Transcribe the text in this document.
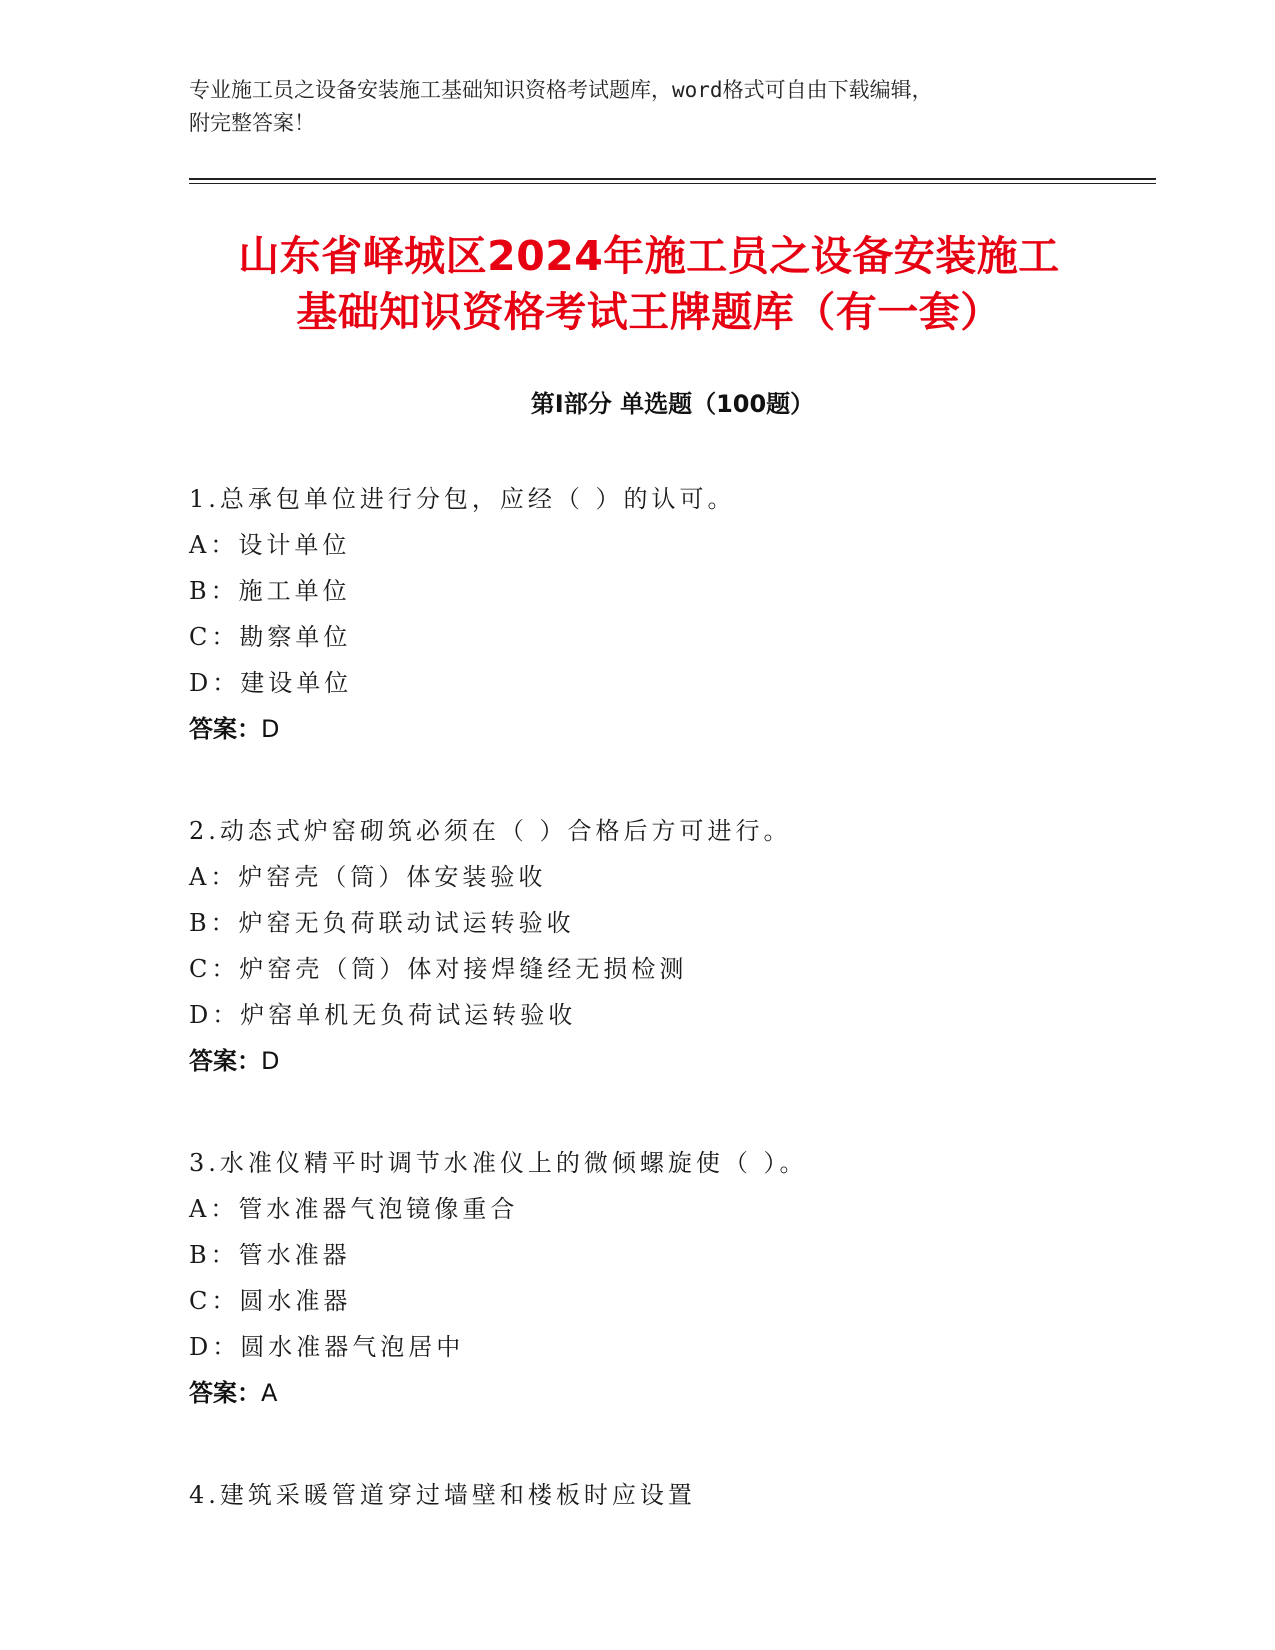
专业施工员之设备安装施工基础知识资格考试题库，word格式可自由下载编辑，
附完整答案！
山东省峄城区2024年施工员之设备安装施工
基础知识资格考试王牌题库（有一套）
第Ⅰ部分 单选题（100题）
1.总承包单位进行分包，应经（ ）的认可。
A：设计单位
B：施工单位
C：勘察单位
D：建设单位
答案：D
2.动态式炉窑砌筑必须在（ ）合格后方可进行。
A：炉窑壳（筒）体安装验收
B：炉窑无负荷联动试运转验收
C：炉窑壳（筒）体对接焊缝经无损检测
D：炉窑单机无负荷试运转验收
答案：D
3.水准仪精平时调节水准仪上的微倾螺旋使（ ）。
A：管水准器气泡镜像重合
B：管水准器
C：圆水准器
D：圆水准器气泡居中
答案：A
4.建筑采暖管道穿过墙壁和楼板时应设置
